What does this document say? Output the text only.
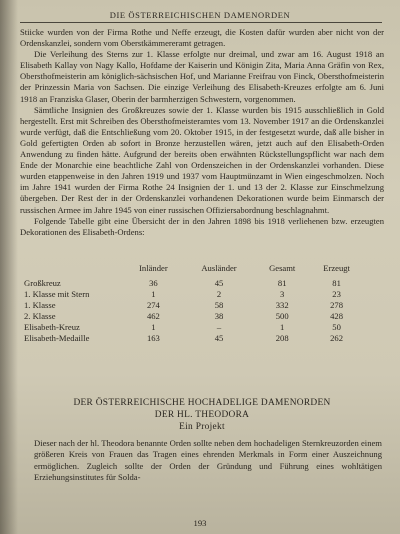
DIE ÖSTERREICHISCHEN DAMENORDEN

Stiicke wurden von der Firma Rothe und Neffe erzeugt, die Kosten dafür wurden aber nicht von der Ordenskanzlei, sondern vom Oberstkämmereramt getragen.

Die Verleihung des Sterns zur 1. Klasse erfolgte nur dreimal, und zwar am 16. August 1918 an Elisabeth Kallay von Nagy Kallo, Hofdame der Kaiserin und Königin Zita, Maria Anna Gräfin von Rex, Obersthofmeisterin am königlich-sächsischen Hof, und Marianne Freifrau von Finck, Obersthofmeisterin der Prinzessin Maria von Sachsen. Die einzige Verleihung des Elisabeth-Kreuzes erfolgte am 6. Juni 1918 an Franziska Glaser, Oberin der barmherzigen Schwestern, vorgenommen.

Sämtliche Insignien des Großkreuzes sowie der 1. Klasse wurden bis 1915 ausschließlich in Gold hergestellt. Erst mit Schreiben des Obersthofmeisteramtes vom 13. November 1917 an die Ordenskanzlei wurde verfügt, daß die Entschließung vom 20. Oktober 1915, in der festgesetzt wurde, daß alle bisher in Gold gefertigten Orden ab sofort in Bronze herzustellen wären, jetzt auch auf den Elisabeth-Orden Anwendung zu finden hätte. Aufgrund der bereits oben erwähnten Rückstellungspflicht war nach dem Ende der Monarchie eine beachtliche Zahl von Ordenszeichen in der Ordenskanzlei vorhanden. Diese wurden etappenweise in den Jahren 1919 und 1937 vom Hauptmünzamt in Wien eingeschmolzen. Noch im Jahre 1941 wurden der Firma Rothe 24 Insignien der 1. und 13 der 2. Klasse zur Einschmelzung übergeben. Der Rest der in der Ordenskanzlei vorhandenen Dekorationen wurde beim Einmarsch der russischen Armee im Jahre 1945 von einer russischen Offiziersabordnung beschlagnahmt.

Folgende Tabelle gibt eine Übersicht der in den Jahren 1898 bis 1918 verliehenen bzw. erzeugten Dekorationen des Elisabeth-Ordens:

	Inländer	Ausländer	Gesamt	Erzeugt
Großkreuz	36	45	81	81
1. Klasse mit Stern	1	2	3	23
1. Klasse	274	58	332	278
2. Klasse	462	38	500	428
Elisabeth-Kreuz	1	–	1	50
Elisabeth-Medaille	163	45	208	262
DER ÖSTERREICHISCHE HOCHADELIGE DAMENORDEN
DER HL. THEODORA
Ein Projekt

Dieser nach der hl. Theodora benannte Orden sollte neben dem hochadeligen Sternkreuzorden einem größeren Kreis von Frauen das Tragen eines ehrenden Merkmals in Form einer Auszeichnung ermöglichen. Zugleich sollte der Orden der Gründung und Führung eines wohltätigen Erziehungsinstitutes für Solda-

193
